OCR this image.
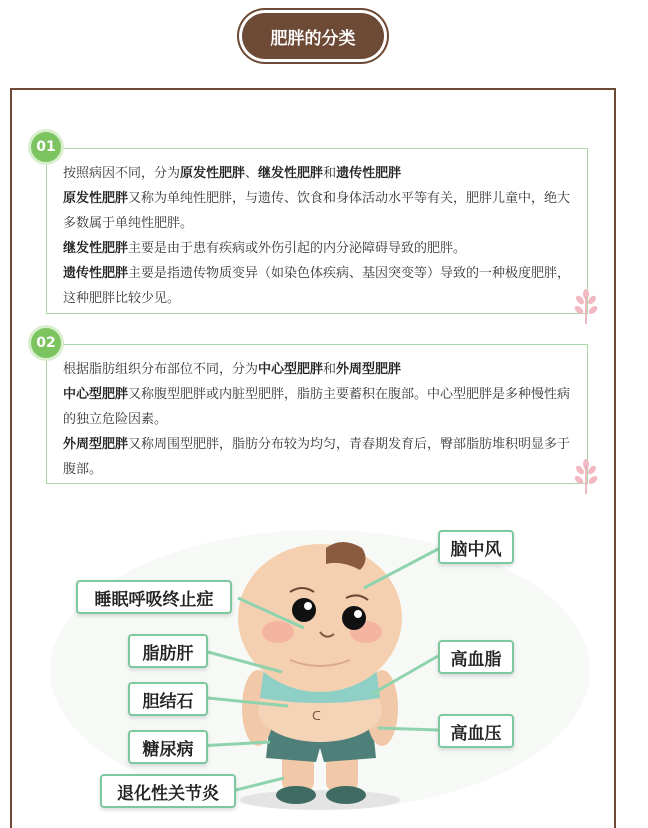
肥胖的分类

按照病因不同，分为原发性肥胖、继发性肥胖和遗传性肥胖

原发性肥胖又称为单纯性肥胖，与遗传、饮食和身体活动水平等有关，肥胖儿童中，绝大多数属于单纯性肥胖。

继发性肥胖主要是由于患有疾病或外伤引起的内分泌障碍导致的肥胖。

遗传性肥胖主要是指遗传物质变异（如染色体疾病、基因突变等）导致的一种极度肥胖，这种肥胖比较少见。

01

根据脂肪组织分布部位不同，分为中心型肥胖和外周型肥胖

中心型肥胖又称腹型肥胖或内脏型肥胖，脂肪主要蓄积在腹部。中心型肥胖是多种慢性病的独立危险因素。

外周型肥胖又称周围型肥胖，脂肪分布较为均匀，青春期发育后，臀部脂肪堆积明显多于腹部。

02
ᑕ
睡眠呼吸终止症
脂肪肝
胆结石
糖尿病
退化性关节炎
脑中风
高血脂
高血压
